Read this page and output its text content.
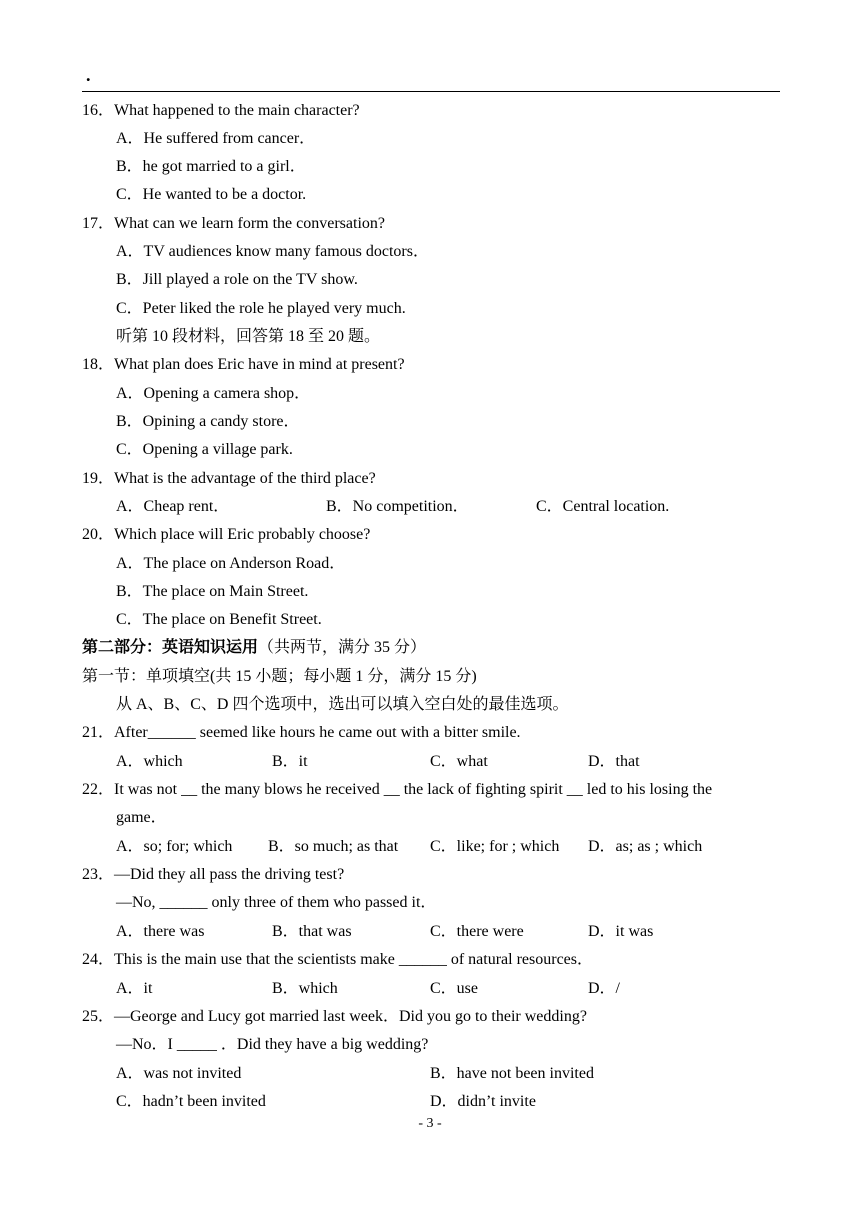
.
16．What happened to the main character?
A．He suffered from cancer．
B．he got married to a girl．
C．He wanted to be a doctor.
17．What can we learn form the conversation?
A．TV audiences know many famous doctors．
B．Jill played a role on the TV show.
C．Peter liked the role he played very much.
听第 10 段材料，回答第 18 至 20 题。
18．What plan does Eric have in mind at present?
A．Opening a camera shop．
B．Opining a candy store．
C．Opening a village park.
19．What is the advantage of the third place?
A．Cheap rent．	B．No competition．	C．Central location.
20．Which place will Eric probably choose?
A．The place on Anderson Road．
B．The place on Main Street.
C．The place on Benefit Street.
第二部分：英语知识运用（共两节，满分 35 分）
第一节：单项填空(共 15 小题；每小题 1 分，满分 15 分)
从 A、B、C、D 四个选项中，选出可以填入空白处的最佳选项。
21．After______ seemed like hours he came out with a bitter smile.
A．which	B．it	C．what	D．that
22．It was not __ the many blows he received __ the lack of fighting spirit __ led to his losing the
game．
A．so; for; which B．so much; as that C．like; for ; which D．as; as ; which
23．—Did they all pass the driving test?
—No, ______ only three of them who passed it．
A．there was	B．that was	C．there were	D．it was
24．This is the main use that the scientists make ______ of natural resources．
A．it	B．which	C．use	D．/
25．—George and Lucy got married last week．Did you go to their wedding?
—No．I _____ ．Did they have a big wedding?
A．was not invited	B．have not been invited
C．hadn’t been invited	D．didn’t invite
- 3 -
